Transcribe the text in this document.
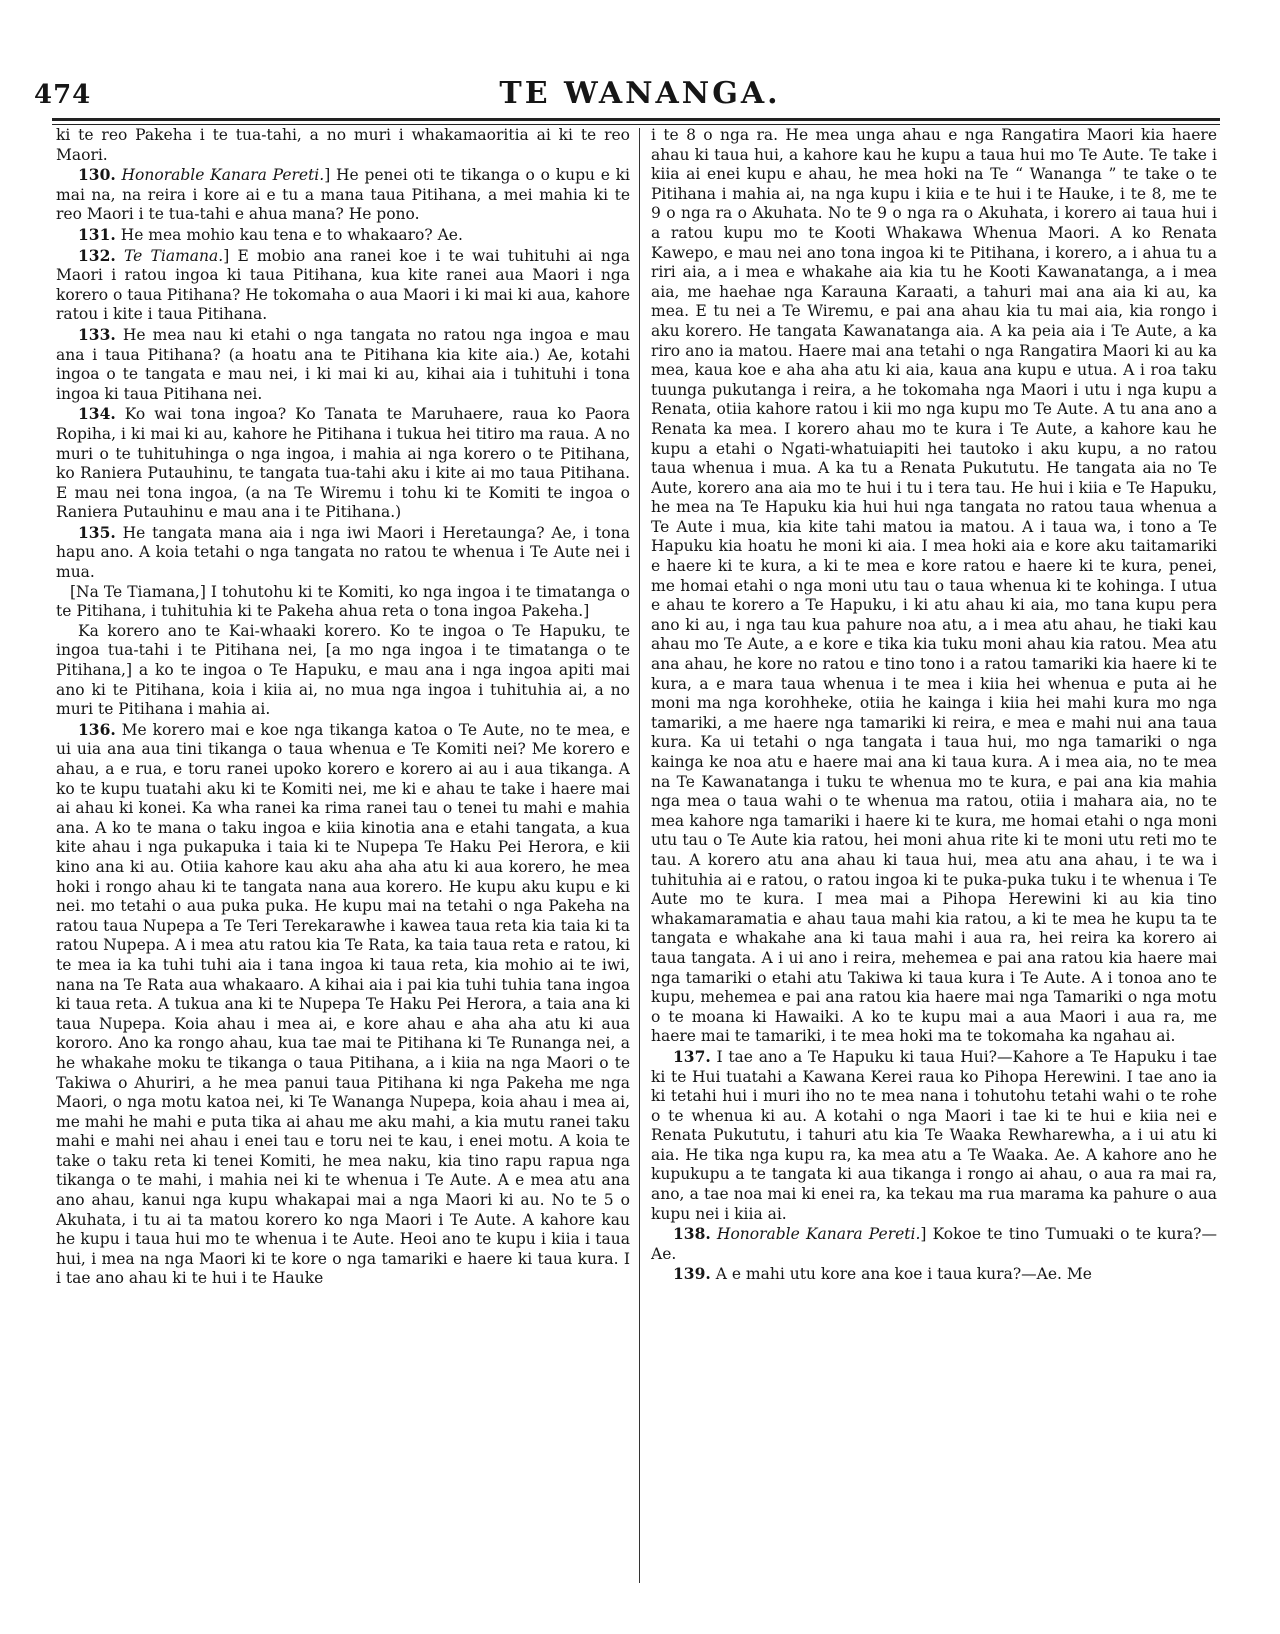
474	TE WANANGA.

ki te reo Pakeha i te tua-tahi, a no muri i whakamaoritia ai ki te reo Maori.

130. Honorable Kanara Pereti.] He penei oti te tikanga o o kupu e ki mai na, na reira i kore ai e tu a mana taua Pitihana, a mei mahia ki te reo Maori i te tua-tahi e ahua mana? He pono.

131. He mea mohio kau tena e to whakaaro? Ae.

132. Te Tiamana.] E mobio ana ranei koe i te wai tuhituhi ai nga Maori i ratou ingoa ki taua Pitihana, kua kite ranei aua Maori i nga korero o taua Pitihana? He tokomaha o aua Maori i ki mai ki aua, kahore ratou i kite i taua Pitihana.

133. He mea nau ki etahi o nga tangata no ratou nga ingoa e mau ana i taua Pitihana? (a hoatu ana te Pitihana kia kite aia.) Ae, kotahi ingoa o te tangata e mau nei, i ki mai ki au, kihai aia i tuhituhi i tona ingoa ki taua Pitihana nei.

134. Ko wai tona ingoa? Ko Tanata te Maruhaere, raua ko Paora Ropiha, i ki mai ki au, kahore he Pitihana i tukua hei titiro ma raua. A no muri o te tuhituhinga o nga ingoa, i mahia ai nga korero o te Pitihana, ko Raniera Putauhinu, te tangata tua-tahi aku i kite ai mo taua Pitihana. E mau nei tona ingoa, (a na Te Wiremu i tohu ki te Komiti te ingoa o Raniera Putauhinu e mau ana i te Pitihana.)

135. He tangata mana aia i nga iwi Maori i Heretaunga? Ae, i tona hapu ano. A koia tetahi o nga tangata no ratou te whenua i Te Aute nei i mua.

[Na Te Tiamana,] I tohutohu ki te Komiti, ko nga ingoa i te timatanga o te Pitihana, i tuhituhia ki te Pakeha ahua reta o tona ingoa Pakeha.]

Ka korero ano te Kai-whaaki korero. Ko te ingoa o Te Hapuku, te ingoa tua-tahi i te Pitihana nei, [a mo nga ingoa i te timatanga o te Pitihana,] a ko te ingoa o Te Hapuku, e mau ana i nga ingoa apiti mai ano ki te Pitihana, koia i kiia ai, no mua nga ingoa i tuhituhia ai, a no muri te Pitihana i mahia ai.

136. Me korero mai e koe nga tikanga katoa o Te Aute, no te mea, e ui uia ana aua tini tikanga o taua whenua e Te Komiti nei? Me korero e ahau, a e rua, e toru ranei upoko korero e korero ai au i aua tikanga. A ko te kupu tuatahi aku ki te Komiti nei, me ki e ahau te take i haere mai ai ahau ki konei. Ka wha ranei ka rima ranei tau o tenei tu mahi e mahia ana. A ko te mana o taku ingoa e kiia kinotia ana e etahi tangata, a kua kite ahau i nga pukapuka i taia ki te Nupepa Te Haku Pei Herora, e kii kino ana ki au. Otiia kahore kau aku aha aha atu ki aua korero, he mea hoki i rongo ahau ki te tangata nana aua korero. He kupu aku kupu e ki nei. mo tetahi o aua puka puka. He kupu mai na tetahi o nga Pakeha na ratou taua Nupepa a Te Teri Terekarawhe i kawea taua reta kia taia ki ta ratou Nupepa. A i mea atu ratou kia Te Rata, ka taia taua reta e ratou, ki te mea ia ka tuhi tuhi aia i tana ingoa ki taua reta, kia mohio ai te iwi, nana na Te Rata aua whakaaro. A kihai aia i pai kia tuhi tuhia tana ingoa ki taua reta. A tukua ana ki te Nupepa Te Haku Pei Herora, a taia ana ki taua Nupepa. Koia ahau i mea ai, e kore ahau e aha aha atu ki aua kororo. Ano ka rongo ahau, kua tae mai te Pitihana ki Te Runanga nei, a he whakahe moku te tikanga o taua Pitihana, a i kiia na nga Maori o te Takiwa o Ahuriri, a he mea panui taua Pitihana ki nga Pakeha me nga Maori, o nga motu katoa nei, ki Te Wananga Nupepa, koia ahau i mea ai, me mahi he mahi e puta tika ai ahau me aku mahi, a kia mutu ranei taku mahi e mahi nei ahau i enei tau e toru nei te kau, i enei motu. A koia te take o taku reta ki tenei Komiti, he mea naku, kia tino rapu rapua nga tikanga o te mahi, i mahia nei ki te whenua i Te Aute. A e mea atu ana ano ahau, kanui nga kupu whakapai mai a nga Maori ki au. No te 5 o Akuhata, i tu ai ta matou korero ko nga Maori i Te Aute. A kahore kau he kupu i taua hui mo te whenua i te Aute. Heoi ano te kupu i kiia i taua hui, i mea na nga Maori ki te kore o nga tamariki e haere ki taua kura. I i tae ano ahau ki te hui i te Hauke

i te 8 o nga ra. He mea unga ahau e nga Rangatira Maori kia haere ahau ki taua hui, a kahore kau he kupu a taua hui mo Te Aute. Te take i kiia ai enei kupu e ahau, he mea hoki na Te “ Wananga ” te take o te Pitihana i mahia ai, na nga kupu i kiia e te hui i te Hauke, i te 8, me te 9 o nga ra o Akuhata. No te 9 o nga ra o Akuhata, i korero ai taua hui i a ratou kupu mo te Kooti Whakawa Whenua Maori. A ko Renata Kawepo, e mau nei ano tona ingoa ki te Pitihana, i korero, a i ahua tu a riri aia, a i mea e whakahe aia kia tu he Kooti Kawanatanga, a i mea aia, me haehae nga Karauna Karaati, a tahuri mai ana aia ki au, ka mea. E tu nei a Te Wiremu, e pai ana ahau kia tu mai aia, kia rongo i aku korero. He tangata Kawanatanga aia. A ka peia aia i Te Aute, a ka riro ano ia matou. Haere mai ana tetahi o nga Rangatira Maori ki au ka mea, kaua koe e aha aha atu ki aia, kaua ana kupu e utua. A i roa taku tuunga pukutanga i reira, a he tokomaha nga Maori i utu i nga kupu a Renata, otiia kahore ratou i kii mo nga kupu mo Te Aute. A tu ana ano a Renata ka mea. I korero ahau mo te kura i Te Aute, a kahore kau he kupu a etahi o Ngati-whatuiapiti hei tautoko i aku kupu, a no ratou taua whenua i mua. A ka tu a Renata Pukututu. He tangata aia no Te Aute, korero ana aia mo te hui i tu i tera tau. He hui i kiia e Te Hapuku, he mea na Te Hapuku kia hui hui nga tangata no ratou taua whenua a Te Aute i mua, kia kite tahi matou ia matou. A i taua wa, i tono a Te Hapuku kia hoatu he moni ki aia. I mea hoki aia e kore aku taitamariki e haere ki te kura, a ki te mea e kore ratou e haere ki te kura, penei, me homai etahi o nga moni utu tau o taua whenua ki te kohinga. I utua e ahau te korero a Te Hapuku, i ki atu ahau ki aia, mo tana kupu pera ano ki au, i nga tau kua pahure noa atu, a i mea atu ahau, he tiaki kau ahau mo Te Aute, a e kore e tika kia tuku moni ahau kia ratou. Mea atu ana ahau, he kore no ratou e tino tono i a ratou tamariki kia haere ki te kura, a e mara taua whenua i te mea i kiia hei whenua e puta ai he moni ma nga korohheke, otiia he kainga i kiia hei mahi kura mo nga tamariki, a me haere nga tamariki ki reira, e mea e mahi nui ana taua kura. Ka ui tetahi o nga tangata i taua hui, mo nga tamariki o nga kainga ke noa atu e haere mai ana ki taua kura. A i mea aia, no te mea na Te Kawanatanga i tuku te whenua mo te kura, e pai ana kia mahia nga mea o taua wahi o te whenua ma ratou, otiia i mahara aia, no te mea kahore nga tamariki i haere ki te kura, me homai etahi o nga moni utu tau o Te Aute kia ratou, hei moni ahua rite ki te moni utu reti mo te tau. A korero atu ana ahau ki taua hui, mea atu ana ahau, i te wa i tuhituhia ai e ratou, o ratou ingoa ki te puka-puka tuku i te whenua i Te Aute mo te kura. I mea mai a Pihopa Herewini ki au kia tino whakamaramatia e ahau taua mahi kia ratou, a ki te mea he kupu ta te tangata e whakahe ana ki taua mahi i aua ra, hei reira ka korero ai taua tangata. A i ui ano i reira, mehemea e pai ana ratou kia haere mai nga tamariki o etahi atu Takiwa ki taua kura i Te Aute. A i tonoa ano te kupu, mehemea e pai ana ratou kia haere mai nga Tamariki o nga motu o te moana ki Hawaiki. A ko te kupu mai a aua Maori i aua ra, me haere mai te tamariki, i te mea hoki ma te tokomaha ka ngahau ai.

137. I tae ano a Te Hapuku ki taua Hui?—Kahore a Te Hapuku i tae ki te Hui tuatahi a Kawana Kerei raua ko Pihopa Herewini. I tae ano ia ki tetahi hui i muri iho no te mea nana i tohutohu tetahi wahi o te rohe o te whenua ki au. A kotahi o nga Maori i tae ki te hui e kiia nei e Renata Pukututu, i tahuri atu kia Te Waaka Rewharewha, a i ui atu ki aia. He tika nga kupu ra, ka mea atu a Te Waaka. Ae. A kahore ano he kupukupu a te tangata ki aua tikanga i rongo ai ahau, o aua ra mai ra, ano, a tae noa mai ki enei ra, ka tekau ma rua marama ka pahure o aua kupu nei i kiia ai.

138. Honorable Kanara Pereti.] Kokoe te tino Tumuaki o te kura?—Ae.

139. A e mahi utu kore ana koe i taua kura?—Ae. Me
